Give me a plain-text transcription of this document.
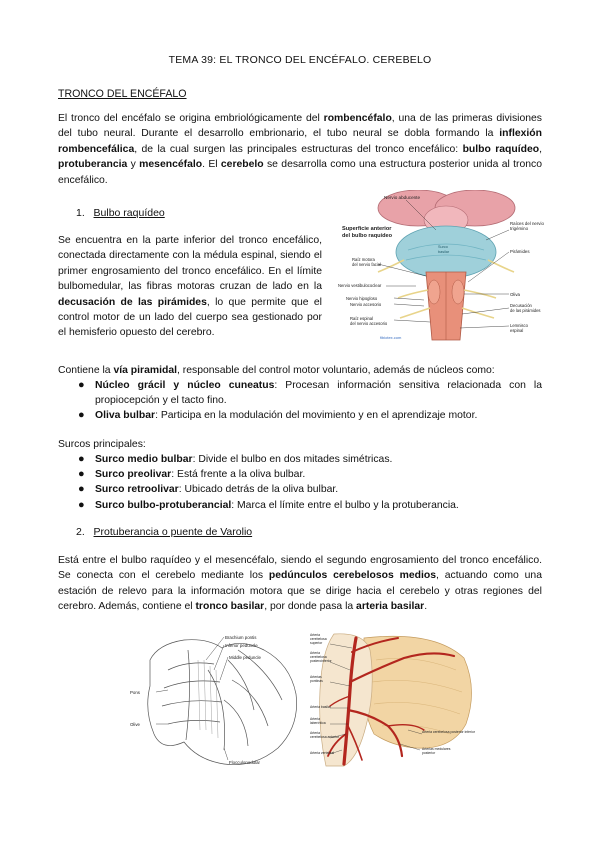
TEMA 39: EL TRONCO DEL ENCÉFALO. CEREBELO
TRONCO DEL ENCÉFALO
El tronco del encéfalo se origina embriológicamente del rombencéfalo, una de las primeras divisiones del tubo neural. Durante el desarrollo embrionario, el tubo neural se dobla formando la inflexión rombencefálica, de la cual surgen las principales estructuras del tronco encefálico: bulbo raquídeo, protuberancia y mesencéfalo. El cerebelo se desarrolla como una estructura posterior unida al tronco encefálico.
1. Bulbo raquídeo
Se encuentra en la parte inferior del tronco encefálico, conectada directamente con la médula espinal, siendo el primer engrosamiento del tronco encefálico. En el límite bulbomedular, las fibras motoras cruzan de lado en la decusación de las pirámides, lo que permite que el control motor de un lado del cuerpo sea gestionado por el hemisferio opuesto del cerebro.
Nervio abducente
Superficie anterior
del bulbo raquídeo
Raíces del nervio
trigémino
Pirámides
Raíz motora
del nervio facial
Nervio vestibulococlear
Oliva
Nervio hipogloso
Nervio accesorio	Decusación
de las pirámides
Raíz espinal
del nervio accesorio	Lemnisco
espinal
fibiotex.com
Surco
basilar
Contiene la vía piramidal, responsable del control motor voluntario, además de núcleos como:
● Núcleo grácil y núcleo cuneatus: Procesan información sensitiva relacionada con la propiocepción y el tacto fino.
● Oliva bulbar: Participa en la modulación del movimiento y en el aprendizaje motor.
Surcos principales:
● Surco medio bulbar: Divide el bulbo en dos mitades simétricas.
● Surco preolivar: Está frente a la oliva bulbar.
● Surco retroolivar: Ubicado detrás de la oliva bulbar.
● Surco bulbo-protuberancial: Marca el límite entre el bulbo y la protuberancia.
2. Protuberancia o puente de Varolio
Está entre el bulbo raquídeo y el mesencéfalo, siendo el segundo engrosamiento del tronco encefálico. Se conecta con el cerebelo mediante los pedúnculos cerebelosos medios, actuando como una estación de relevo para la información motora que se dirige hacia el cerebelo y otras regiones del cerebro. Además, contiene el tronco basilar, por donde pasa la arteria basilar.
Brachium pontis
Inferior peduncle
Middle peduncle
Pons
Olive
Flocculonodular
Arteria
cerebelosa
superior
Arteria
cerebelosa
posteroinferior
Arterias
pontinas
Arteria basilar
Arteria
laberíntica
Arteria
cerebelosa anterior
Arteria vertebral
Arteria cerebelosa posterior inferior
Arterias medulares
posterior
